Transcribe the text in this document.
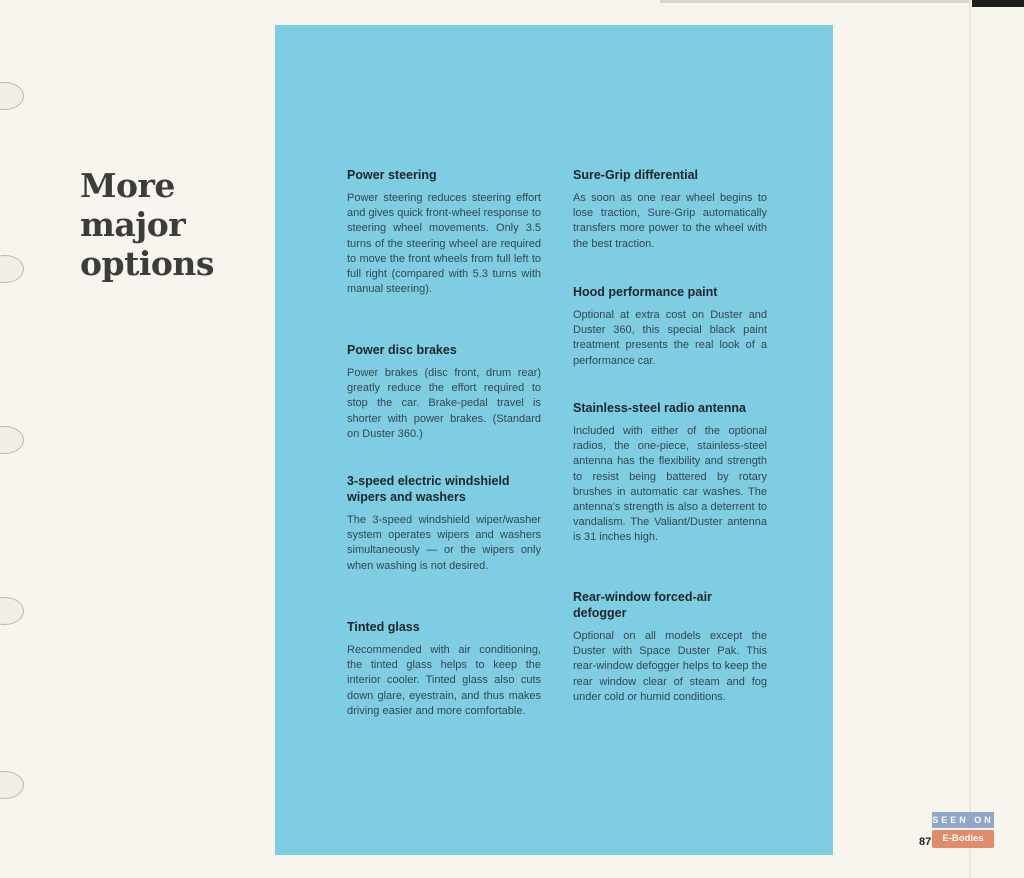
More
major
options
Power steering

Power steering reduces steering effort and gives quick front-wheel response to steering wheel movements. Only 3.5 turns of the steering wheel are required to move the front wheels from full left to full right (compared with 5.3 turns with manual steering).

Power disc brakes

Power brakes (disc front, drum rear) greatly reduce the effort required to stop the car. Brake-pedal travel is shorter with power brakes. (Standard on Duster 360.)

3-speed electric windshield wipers and washers

The 3-speed windshield wiper/washer system operates wipers and washers simultaneously — or the wipers only when washing is not desired.

Tinted glass

Recommended with air conditioning, the tinted glass helps to keep the interior cooler. Tinted glass also cuts down glare, eyestrain, and thus makes driving easier and more comfortable.

Sure-Grip differential

As soon as one rear wheel begins to lose traction, Sure-Grip automatically transfers more power to the wheel with the best traction.

Hood performance paint

Optional at extra cost on Duster and Duster 360, this special black paint treatment presents the real look of a performance car.

Stainless-steel radio antenna

Included with either of the optional radios, the one-piece, stainless-steel antenna has the flexibility and strength to resist being battered by rotary brushes in automatic car washes. The antenna's strength is also a deterrent to vandalism. The Valiant/Duster antenna is 31 inches high.

Rear-window forced-air defogger

Optional on all models except the Duster with Space Duster Pak. This rear-window defogger helps to keep the rear window clear of steam and fog under cold or humid conditions.

87
SEEN ON
E-Bodies
